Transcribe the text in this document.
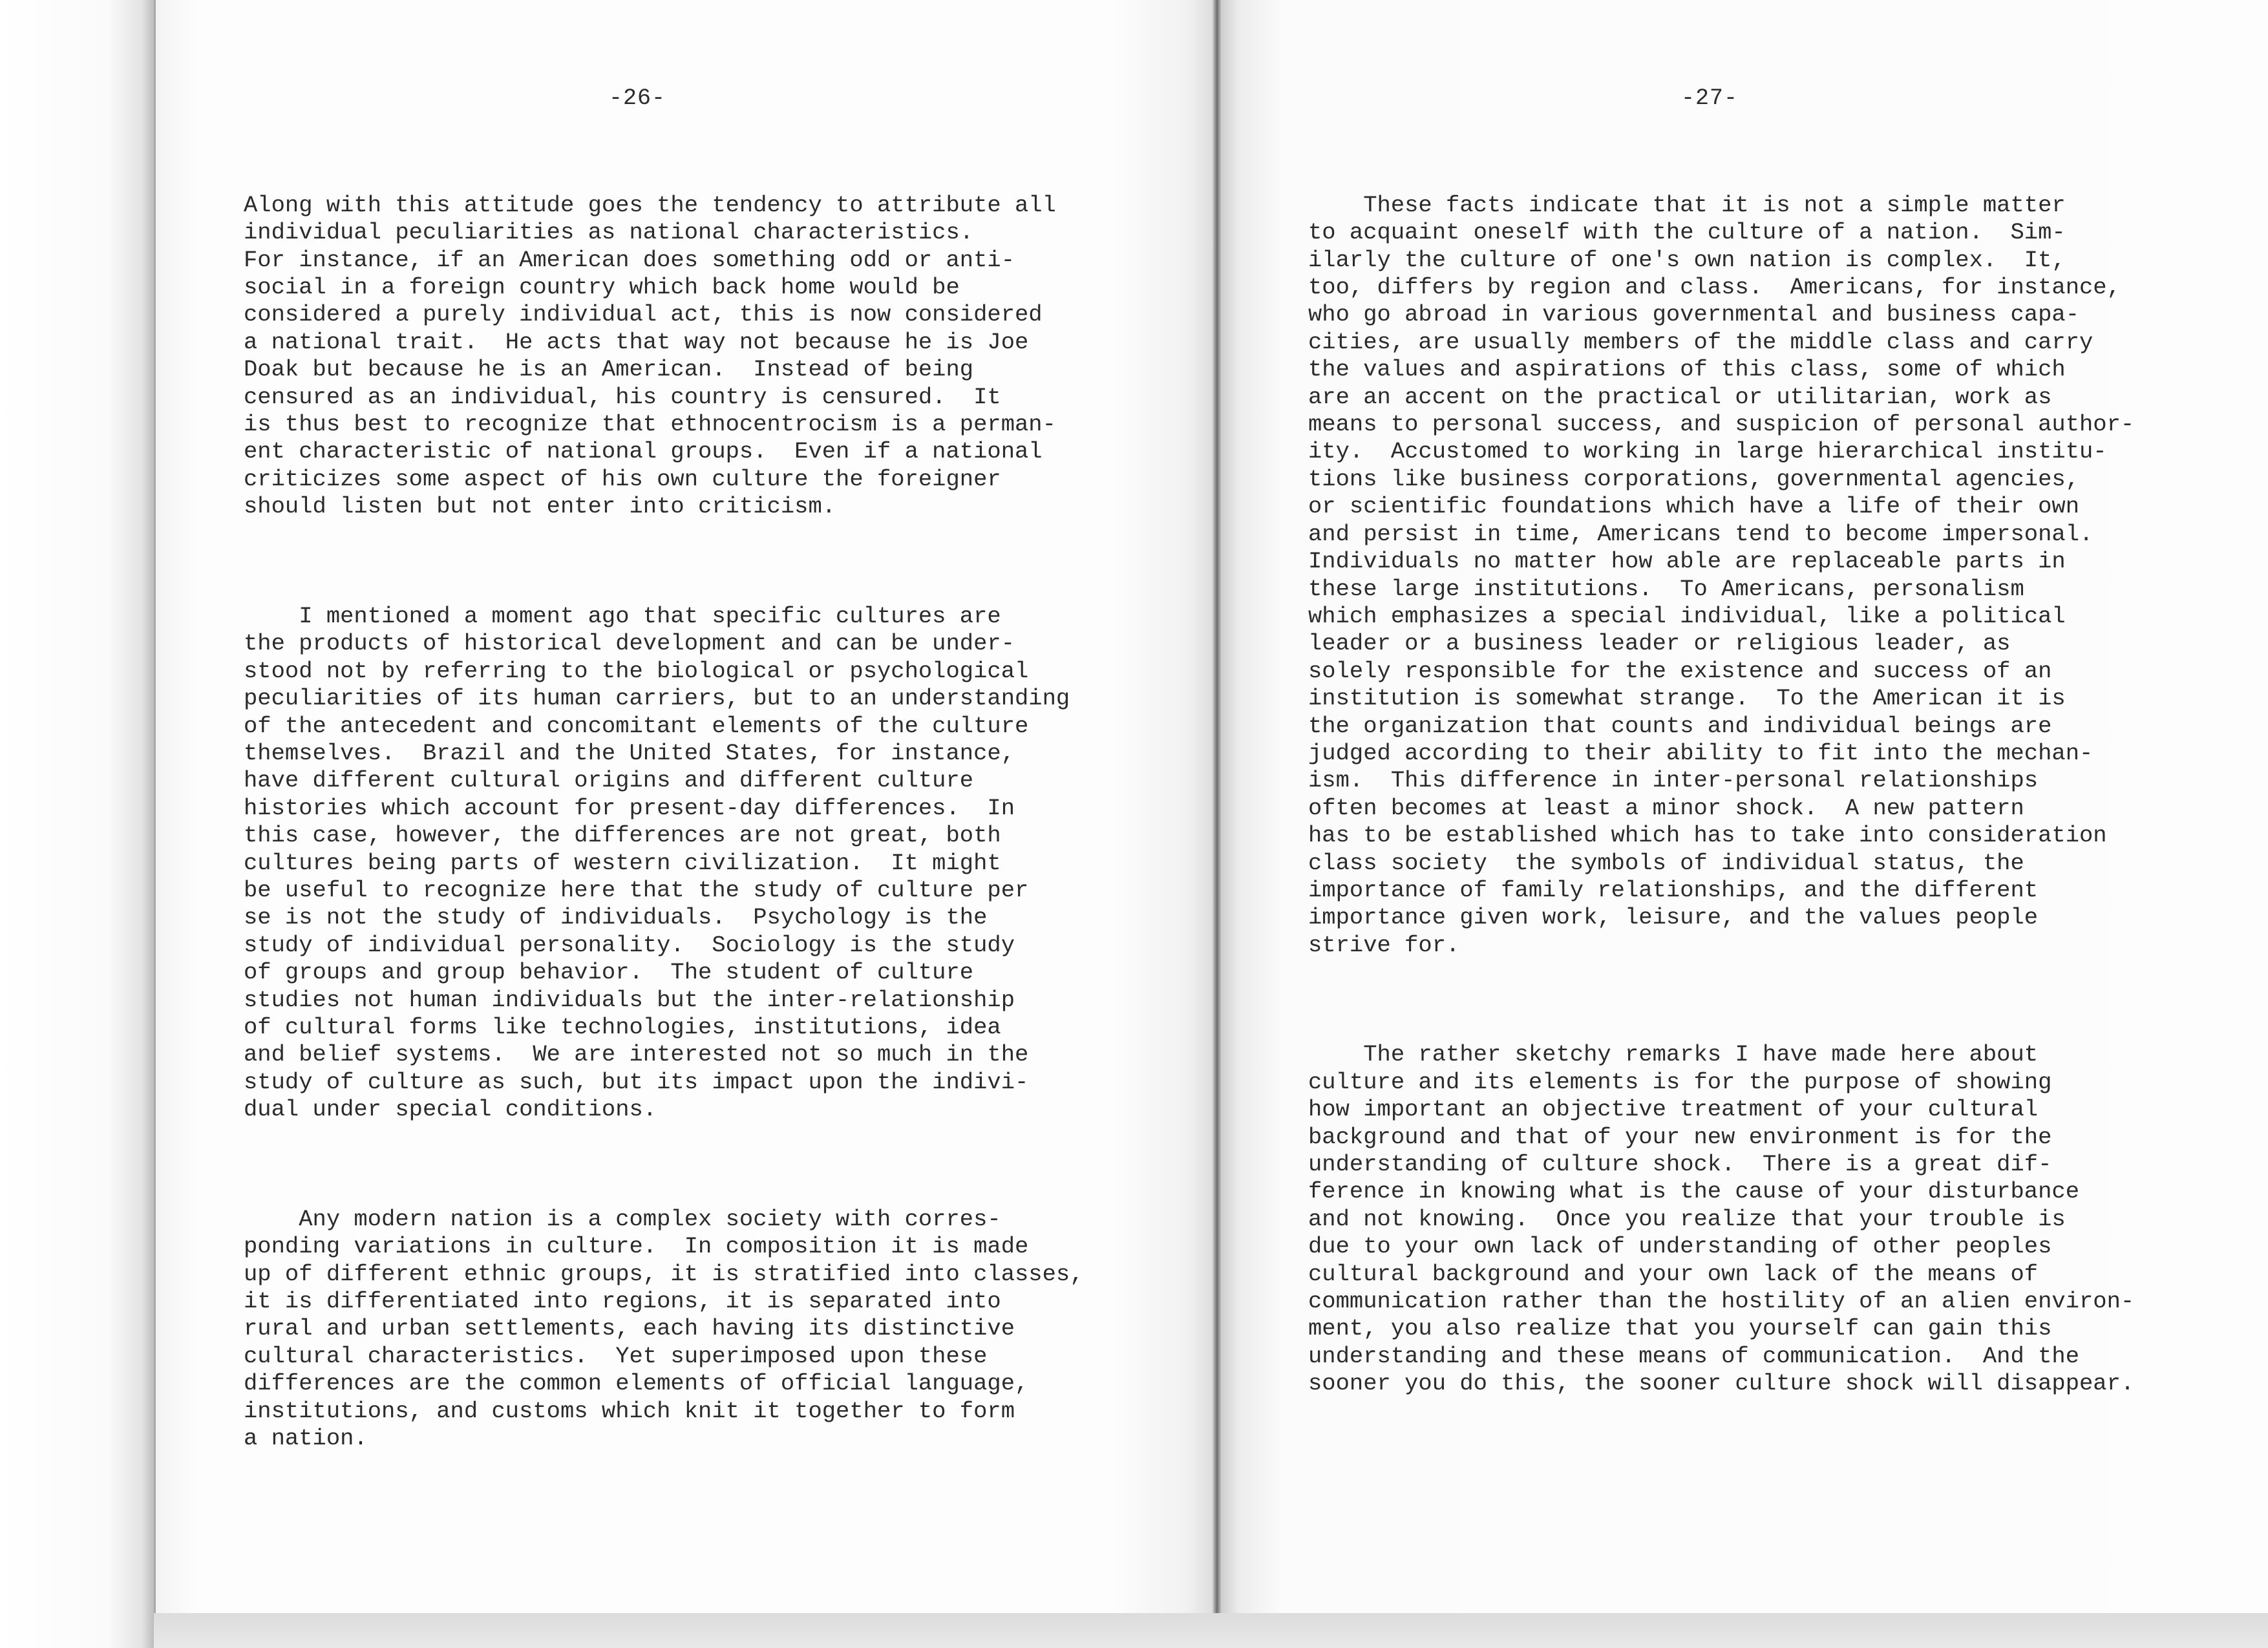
-26-	-27-

Along with this attitude goes the tendency to attribute all
individual peculiarities as national characteristics.
For instance, if an American does something odd or anti-
social in a foreign country which back home would be
considered a purely individual act, this is now considered
a national trait.  He acts that way not because he is Joe
Doak but because he is an American.  Instead of being
censured as an individual, his country is censured.  It
is thus best to recognize that ethnocentrocism is a perman-
ent characteristic of national groups.  Even if a national
criticizes some aspect of his own culture the foreigner
should listen but not enter into criticism.

I mentioned a moment ago that specific cultures are
the products of historical development and can be under-
stood not by referring to the biological or psychological
peculiarities of its human carriers, but to an understanding
of the antecedent and concomitant elements of the culture
themselves.  Brazil and the United States, for instance,
have different cultural origins and different culture
histories which account for present-day differences.  In
this case, however, the differences are not great, both
cultures being parts of western civilization.  It might
be useful to recognize here that the study of culture per
se is not the study of individuals.  Psychology is the
study of individual personality.  Sociology is the study
of groups and group behavior.  The student of culture
studies not human individuals but the inter-relationship
of cultural forms like technologies, institutions, idea
and belief systems.  We are interested not so much in the
study of culture as such, but its impact upon the indivi-
dual under special conditions.

Any modern nation is a complex society with corres-
ponding variations in culture.  In composition it is made
up of different ethnic groups, it is stratified into classes,
it is differentiated into regions, it is separated into
rural and urban settlements, each having its distinctive
cultural characteristics.  Yet superimposed upon these
differences are the common elements of official language,
institutions, and customs which knit it together to form
a nation.

These facts indicate that it is not a simple matter
to acquaint oneself with the culture of a nation.  Sim-
ilarly the culture of one's own nation is complex.  It,
too, differs by region and class.  Americans, for instance,
who go abroad in various governmental and business capa-
cities, are usually members of the middle class and carry
the values and aspirations of this class, some of which
are an accent on the practical or utilitarian, work as
means to personal success, and suspicion of personal author-
ity.  Accustomed to working in large hierarchical institu-
tions like business corporations, governmental agencies,
or scientific foundations which have a life of their own
and persist in time, Americans tend to become impersonal.
Individuals no matter how able are replaceable parts in
these large institutions.  To Americans, personalism
which emphasizes a special individual, like a political
leader or a business leader or religious leader, as
solely responsible for the existence and success of an
institution is somewhat strange.  To the American it is
the organization that counts and individual beings are
judged according to their ability to fit into the mechan-
ism.  This difference in inter-personal relationships
often becomes at least a minor shock.  A new pattern
has to be established which has to take into consideration
class society  the symbols of individual status, the
importance of family relationships, and the different
importance given work, leisure, and the values people
strive for.

The rather sketchy remarks I have made here about
culture and its elements is for the purpose of showing
how important an objective treatment of your cultural
background and that of your new environment is for the
understanding of culture shock.  There is a great dif-
ference in knowing what is the cause of your disturbance
and not knowing.  Once you realize that your trouble is
due to your own lack of understanding of other peoples
cultural background and your own lack of the means of
communication rather than the hostility of an alien environ-
ment, you also realize that you yourself can gain this
understanding and these means of communication.  And the
sooner you do this, the sooner culture shock will disappear.
